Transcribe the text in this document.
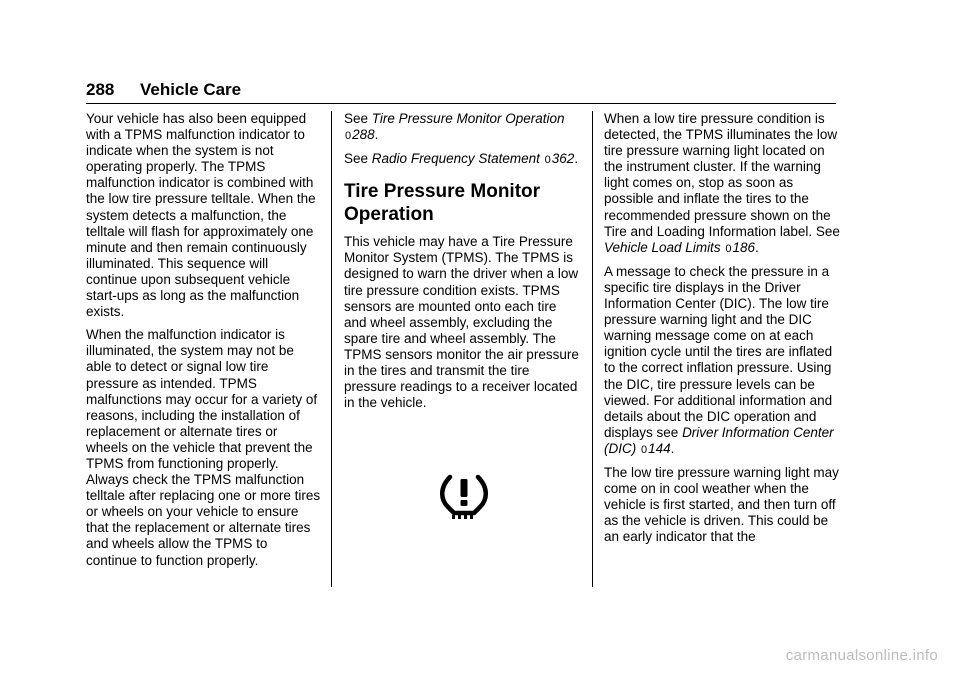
288 Vehicle Care

Your vehicle has also been equipped with a TPMS malfunction indicator to indicate when the system is not operating properly. The TPMS malfunction indicator is combined with the low tire pressure telltale. When the system detects a malfunction, the telltale will flash for approximately one minute and then remain continuously illuminated. This sequence will continue upon subsequent vehicle start-ups as long as the malfunction exists.

When the malfunction indicator is illuminated, the system may not be able to detect or signal low tire pressure as intended. TPMS malfunctions may occur for a variety of reasons, including the installation of replacement or alternate tires or wheels on the vehicle that prevent the TPMS from functioning properly. Always check the TPMS malfunction telltale after replacing one or more tires or wheels on your vehicle to ensure that the replacement or alternate tires and wheels allow the TPMS to continue to function properly.

See Tire Pressure Monitor Operation 0288.

See Radio Frequency Statement 0362.

Tire Pressure Monitor Operation

This vehicle may have a Tire Pressure Monitor System (TPMS). The TPMS is designed to warn the driver when a low tire pressure condition exists. TPMS sensors are mounted onto each tire and wheel assembly, excluding the spare tire and wheel assembly. The TPMS sensors monitor the air pressure in the tires and transmit the tire pressure readings to a receiver located in the vehicle.

When a low tire pressure condition is detected, the TPMS illuminates the low tire pressure warning light located on the instrument cluster. If the warning light comes on, stop as soon as possible and inflate the tires to the recommended pressure shown on the Tire and Loading Information label. See Vehicle Load Limits 0186.

A message to check the pressure in a specific tire displays in the Driver Information Center (DIC). The low tire pressure warning light and the DIC warning message come on at each ignition cycle until the tires are inflated to the correct inflation pressure. Using the DIC, tire pressure levels can be viewed. For additional information and details about the DIC operation and displays see Driver Information Center (DIC) 0144.

The low tire pressure warning light may come on in cool weather when the vehicle is first started, and then turn off as the vehicle is driven. This could be an early indicator that the

carmanualsonline.info
